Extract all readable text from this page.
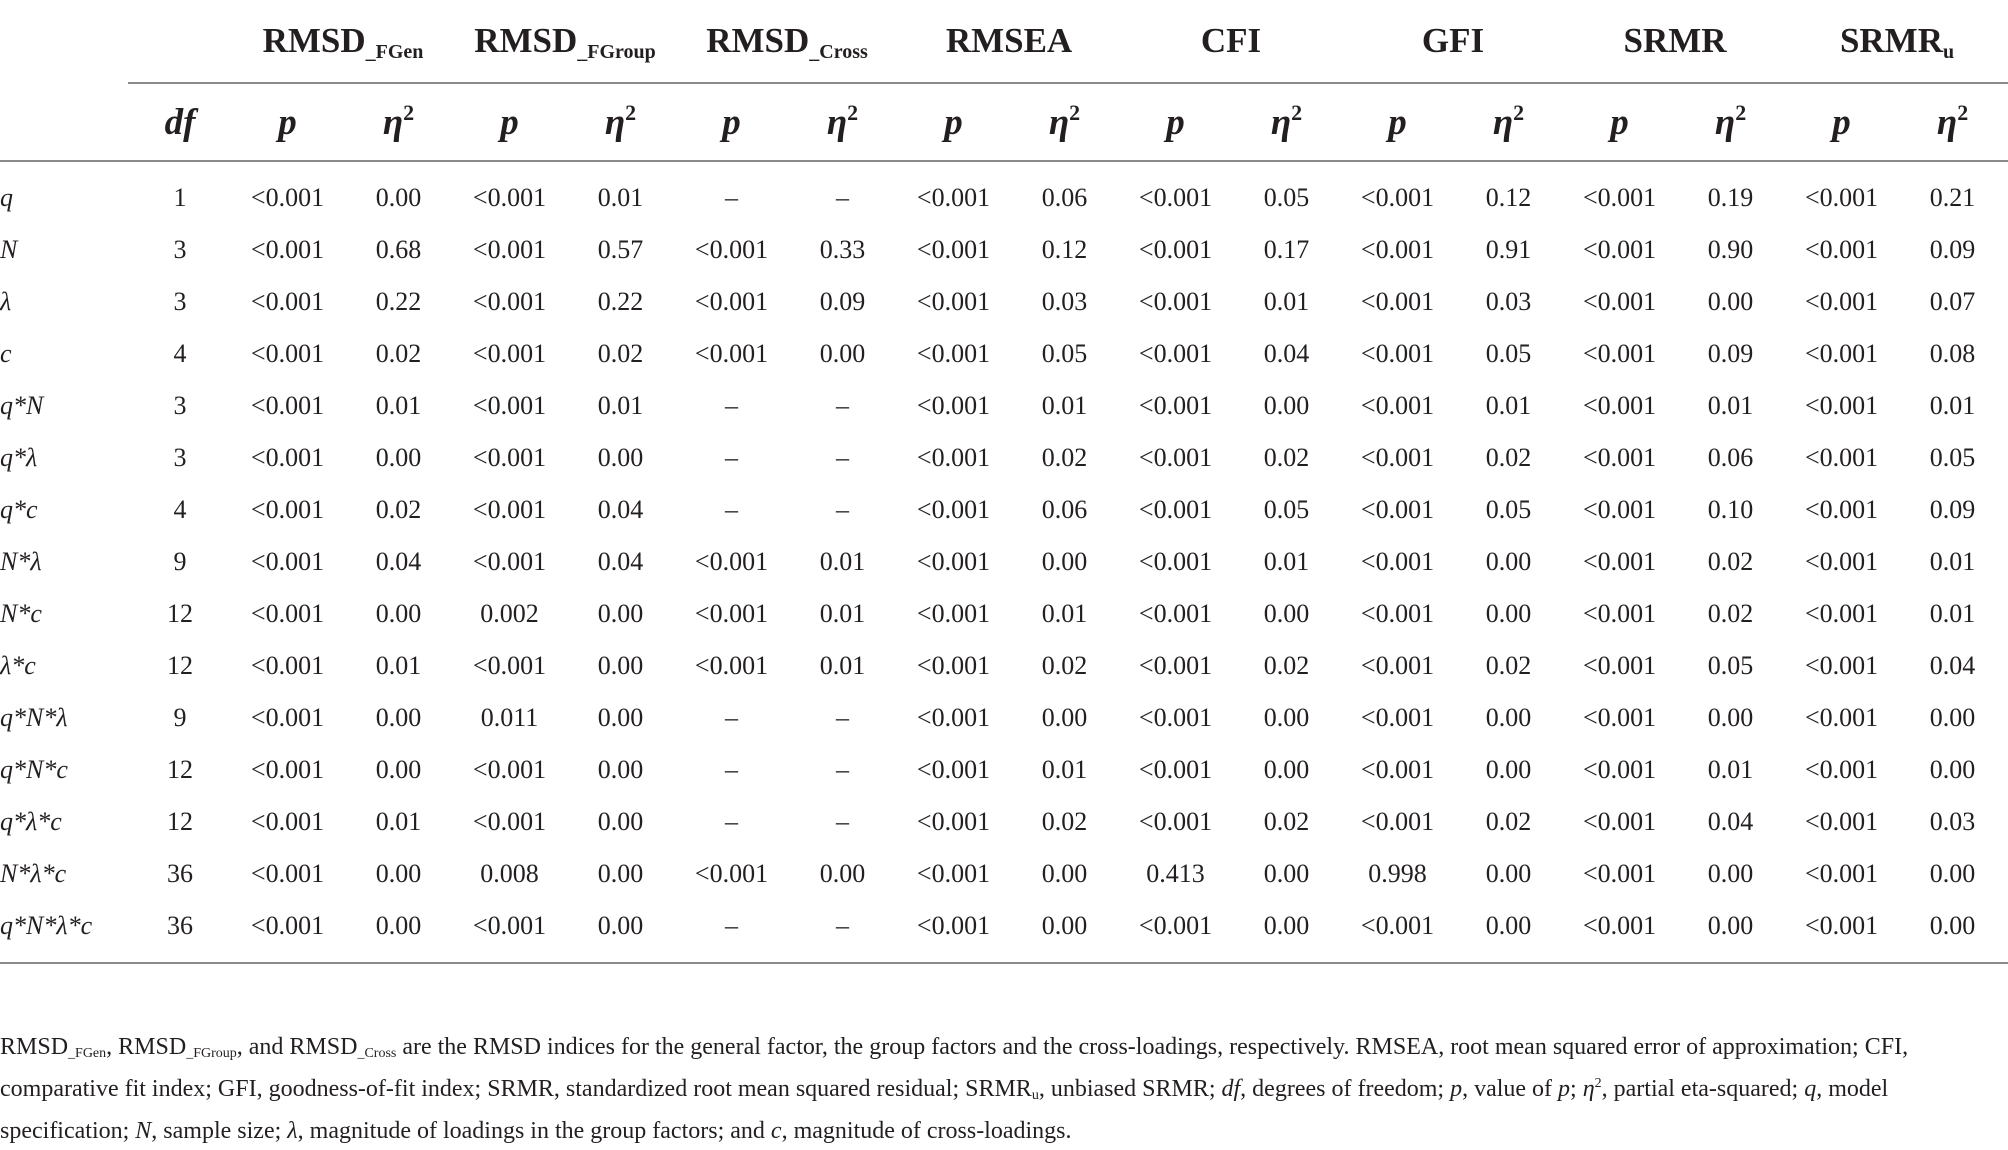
		$RMSD_{\_FGen}$		$RMSD_{\_FGroup}$		$RMSD_{\_Cross}$		RMSEA		CFI		GFI		SRMR		$SRMR_u$
	df	p	$\eta^2$	p	$\eta^2$	p	$\eta^2$	p	$\eta^2$	p	$\eta^2$	p	$\eta^2$	p	$\eta^2$	p	$\eta^2$
q	1	<0.001	0.00	<0.001	0.01	–	–	<0.001	0.06	<0.001	0.05	<0.001	0.12	<0.001	0.19	<0.001	0.21
N	3	<0.001	0.68	<0.001	0.57	<0.001	0.33	<0.001	0.12	<0.001	0.17	<0.001	0.91	<0.001	0.90	<0.001	0.09
λ	3	<0.001	0.22	<0.001	0.22	<0.001	0.09	<0.001	0.03	<0.001	0.01	<0.001	0.03	<0.001	0.00	<0.001	0.07
c	4	<0.001	0.02	<0.001	0.02	<0.001	0.00	<0.001	0.05	<0.001	0.04	<0.001	0.05	<0.001	0.09	<0.001	0.08
q*N	3	<0.001	0.01	<0.001	0.01	–	–	<0.001	0.01	<0.001	0.00	<0.001	0.01	<0.001	0.01	<0.001	0.01
q*λ	3	<0.001	0.00	<0.001	0.00	–	–	<0.001	0.02	<0.001	0.02	<0.001	0.02	<0.001	0.06	<0.001	0.05
q*c	4	<0.001	0.02	<0.001	0.04	–	–	<0.001	0.06	<0.001	0.05	<0.001	0.05	<0.001	0.10	<0.001	0.09
N*λ	9	<0.001	0.04	<0.001	0.04	<0.001	0.01	<0.001	0.00	<0.001	0.01	<0.001	0.00	<0.001	0.02	<0.001	0.01
N*c	12	<0.001	0.00	0.002	0.00	<0.001	0.01	<0.001	0.01	<0.001	0.00	<0.001	0.00	<0.001	0.02	<0.001	0.01
λ*c	12	<0.001	0.01	<0.001	0.00	<0.001	0.01	<0.001	0.02	<0.001	0.02	<0.001	0.02	<0.001	0.05	<0.001	0.04
q*N*λ	9	<0.001	0.00	0.011	0.00	–	–	<0.001	0.00	<0.001	0.00	<0.001	0.00	<0.001	0.00	<0.001	0.00
q*N*c	12	<0.001	0.00	<0.001	0.00	–	–	<0.001	0.01	<0.001	0.00	<0.001	0.00	<0.001	0.01	<0.001	0.00
q*λ*c	12	<0.001	0.01	<0.001	0.00	–	–	<0.001	0.02	<0.001	0.02	<0.001	0.02	<0.001	0.04	<0.001	0.03
N*λ*c	36	<0.001	0.00	0.008	0.00	<0.001	0.00	<0.001	0.00	0.413	0.00	0.998	0.00	<0.001	0.00	<0.001	0.00
q*N*λ*c	36	<0.001	0.00	<0.001	0.00	–	–	<0.001	0.00	<0.001	0.00	<0.001	0.00	<0.001	0.00	<0.001	0.00

$RMSD_{\_FGen}$, $RMSD_{\_FGroup}$, and $RMSD_{\_Cross}$ are the RMSD indices for the general factor, the group factors and the cross-loadings, respectively. RMSEA, root mean squared error of approximation; CFI, comparative fit index; GFI, goodness-of-fit index; SRMR, standardized root mean squared residual; $SRMR_u$, unbiased SRMR; df, degrees of freedom; p, value of p; $\eta^2$, partial eta-squared; q, model specification; N, sample size; λ, magnitude of loadings in the group factors; and c, magnitude of cross-loadings.
